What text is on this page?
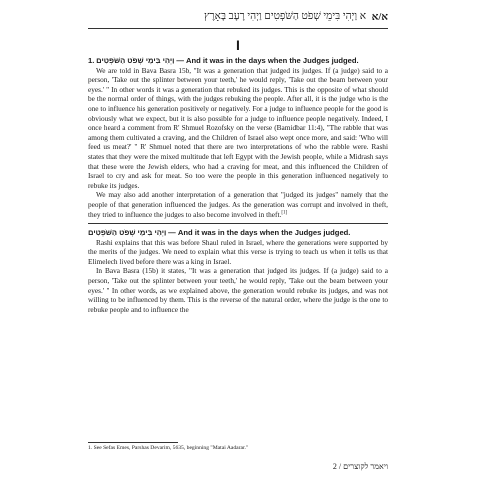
א וַיְהִי בִּימֵי שְׁפֹט הַשֹּׁפְטִים וַיְהִי רָעָב בָּאָרֶץ א/א
I

1. וַיְהִי בִּימֵי שְׁפֹט הַשֹּׁפְטִים — And it was in the days when the Judges judged.

We are told in Bava Basra 15b, "It was a generation that judged its judges. If (a judge) said to a person, 'Take out the splinter between your teeth,' he would reply, 'Take out the beam between your eyes.' " In other words it was a generation that rebuked its judges. This is the opposite of what should be the normal order of things, with the judges rebuking the people. After all, it is the judge who is the one to influence his generation positively or negatively. For a judge to influence people for the good is obviously what we expect, but it is also possible for a judge to influence people negatively. Indeed, I once heard a comment from R' Shmuel Rozofsky on the verse (Bamidbar 11:4), "The rabble that was among them cultivated a craving, and the Children of Israel also wept once more, and said: 'Who will feed us meat?' " R' Shmuel noted that there are two interpretations of who the rabble were. Rashi states that they were the mixed multitude that left Egypt with the Jewish people, while a Midrash says that these were the Jewish elders, who had a craving for meat, and this influenced the Children of Israel to cry and ask for meat. So too were the people in this generation influenced negatively to rebuke its judges.

We may also add another interpretation of a generation that "judged its judges" namely that the people of that generation influenced the judges. As the generation was corrupt and involved in theft, they tried to influence the judges to also become involved in theft.[1]

וַיְהִי בִּימֵי שְׁפֹט הַשֹּׁפְטִים — And it was in the days when the Judges judged.

Rashi explains that this was before Shaul ruled in Israel, where the generations were supported by the merits of the judges. We need to explain what this verse is trying to teach us when it tells us that Elimelech lived before there was a king in Israel.

In Bava Basra (15b) it states, "It was a generation that judged its judges. If (a judge) said to a person, 'Take out the splinter between your teeth,' he would reply, 'Take out the beam between your eyes.' " In other words, as we explained above, the generation would rebuke its judges, and was not willing to be influenced by them. This is the reverse of the natural order, where the judge is the one to rebuke people and to influence the

1. See Sefas Emes, Parshas Devarim, 5635, beginning "Matai Aadarar."
2 / ויאמר לקוצרים
